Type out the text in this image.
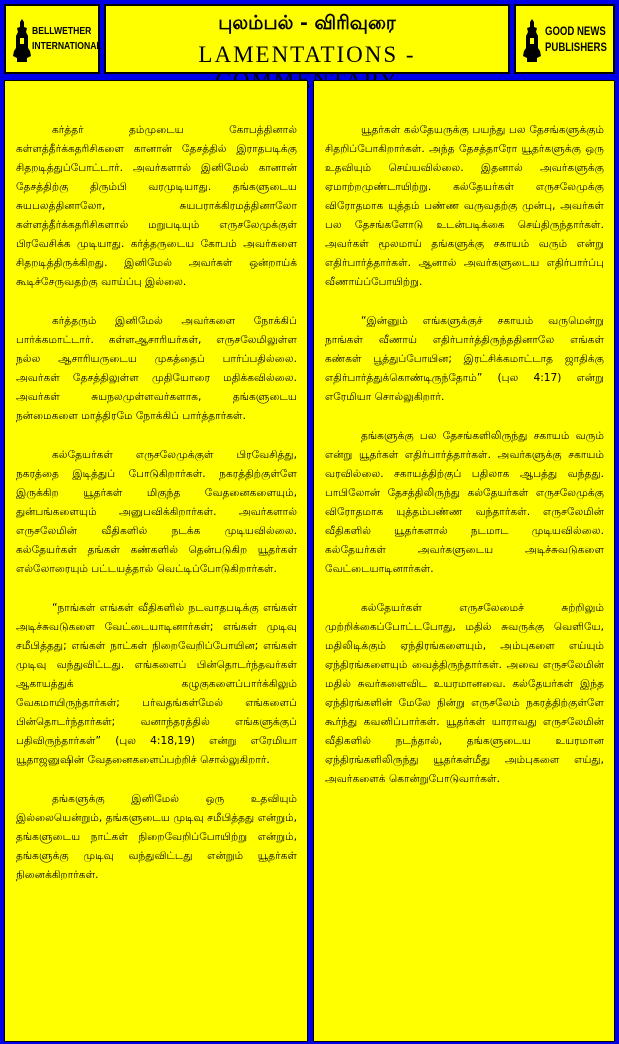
BELLWETHER
INTERNATIONAL
புலம்பல் - விரிவுரை
LAMENTATIONS -
GOOD NEWS
PUBLISHERS

கர்த்தர் தம்முடைய கோபத்தினால் கள்ளத்தீர்க்கதரிசிகளை கானான் தேசத்தில் இராதபடிக்கு சிதறடித்துப்போட்டார். அவர்களால் இனிமேல் கானான் தேசத்திற்கு திரும்பி வரமுடியாது. தங்களுடைய சுயபலத்தினாலோ, சுயபராக்கிரமத்தினாலோ கள்ளத்தீர்க்கதரிசிகளால் மறுபடியும் எருசலேமுக்குள் பிரவேசிக்க முடியாது. கர்த்தருடைய கோபம் அவர்களை சிதறடித்திருக்கிறது. இனிமேல் அவர்கள் ஒன்றாய்க் கூடிச்சேருவதற்கு வாய்ப்பு இல்லை.

கர்த்தரும் இனிமேல் அவர்களை நோக்கிப் பார்க்கமாட்டார். கள்ளஆசாரியர்கள், எருசலேமிலுள்ள நல்ல ஆசாரியருடைய முகத்தைப் பார்ப்பதில்லை. அவர்கள் தேசத்திலுள்ள முதியோரை மதிக்கவில்லை. அவர்கள் சுயநலமுள்ளவர்களாக, தங்களுடைய நன்மைகளை மாத்திரமே நோக்கிப் பார்த்தார்கள்.

கல்தேயர்கள் எருசலேமுக்குள் பிரவேசித்து, நகரத்தை இடித்துப் போடுகிறார்கள். நகரத்திற்குள்ளே இருக்கிற யூதர்கள் மிகுந்த வேதனைகளையும், துன்பங்களையும் அனுபவிக்கிறார்கள். அவர்களால் எருசலேமின் வீதிகளில் நடக்க முடியவில்லை. கல்தேயர்கள் தங்கள் கண்களில் தென்படுகிற யூதர்கள் எல்லோரையும் பட்டயத்தால் வெட்டிப்போடுகிறார்கள்.

“நாங்கள் எங்கள் வீதிகளில் நடவாதபடிக்கு எங்கள் அடிச்சுவடுகளை வேட்டையாடினார்கள்; எங்கள் முடிவு சமீபித்தது; எங்கள் நாட்கள் நிறைவேறிப்போயின; எங்கள் முடிவு வந்துவிட்டது. எங்களைப் பின்தொடர்ந்தவர்கள் ஆகாயத்துக் கழுகுகளைப்பார்க்கிலும் வேகமாயிருந்தார்கள்; பர்வதங்கள்மேல் எங்களைப் பின்தொடர்ந்தார்கள்; வனாந்தரத்தில் எங்களுக்குப் பதிவிருந்தார்கள்” (புல 4:18,19) என்று எரேமியா யூதாஜனுஷின் வேதனைகளைப்பற்றிச் சொல்லுகிறார்.

தங்களுக்கு இனிமேல் ஒரு உதவியும் இல்லையென்றும், தங்களுடைய முடிவு சமீபித்தது என்றும், தங்களுடைய நாட்கள் நிறைவேறிப்போயிற்று என்றும், தங்களுக்கு முடிவு வந்துவிட்டது என்றும் யூதர்கள் நினைக்கிறார்கள்.

யூதர்கள் கல்தேயருக்கு பயந்து பல தேசங்களுக்கும் சிதறிப்போகிறார்கள். அந்த தேசத்தாரோ யூதர்களுக்கு ஒரு உதவியும் செய்யவில்லை. இதனால் அவர்களுக்கு ஏமாற்றமுண்டாயிற்று. கல்தேயர்கள் எருசலேமுக்கு விரோதமாக யுத்தம் பண்ண வருவதற்கு முன்பு, அவர்கள் பல தேசங்களோடு உடன்படிக்கை செய்திருந்தார்கள். அவர்கள் மூலமாய் தங்களுக்கு சகாயம் வரும் என்று எதிர்பார்த்தார்கள். ஆனால் அவர்களுடைய எதிர்பார்ப்பு வீணாய்ப்போயிற்று.

“இன்னும் எங்களுக்குச் சகாயம் வருமென்று நாங்கள் வீணாய் எதிர்பார்த்திருந்ததினாலே எங்கள் கண்கள் பூத்துப்போயின; இரட்சிக்கமாட்டாத ஜாதிக்கு எதிர்பார்த்துக்கொண்டிருந்தோம்” (புல 4:17) என்று எரேமியா சொல்லுகிறார்.

தங்களுக்கு பல தேசங்களிலிருந்து சகாயம் வரும் என்று யூதர்கள் எதிர்பார்த்தார்கள். அவர்களுக்கு சகாயம் வரவில்லை. சகாயத்திற்குப் பதிலாக ஆபத்து வந்தது. பாபிலோன் தேசத்திலிருந்து கல்தேயர்கள் எருசலேமுக்கு விரோதமாக யுத்தம்பண்ண வந்தார்கள். எருசலேமின் வீதிகளில் யூதர்களால் நடமாட முடியவில்லை. கல்தேயர்கள் அவர்களுடைய அடிச்சுவடுகளை வேட்டையாடினார்கள்.

கல்தேயர்கள் எருசலேமைச் சுற்றிலும் முற்றிக்கைப்போட்டபோது, மதில் சுவருக்கு வெளியே, மதிலிடிக்கும் ஏந்திரங்களையும், அம்புகளை எய்யும் ஏந்திரங்களையும் வைத்திருந்தார்கள். அவை எருசலேமின் மதில் சுவர்களைவிட உயரமானவை. கல்தேயர்கள் இந்த ஏந்திரங்களின் மேலே நின்று எருசலேம் நகரத்திற்குள்ளே கூர்ந்து கவனிப்பார்கள். யூதர்கள் யாராவது எருசலேமின் வீதிகளில் நடந்தால், தங்களுடைய உயரமான ஏந்திரங்களிலிருந்து யூதர்கள்மீது அம்புகளை எய்து, அவர்களைக் கொன்றுபோடுவார்கள்.
